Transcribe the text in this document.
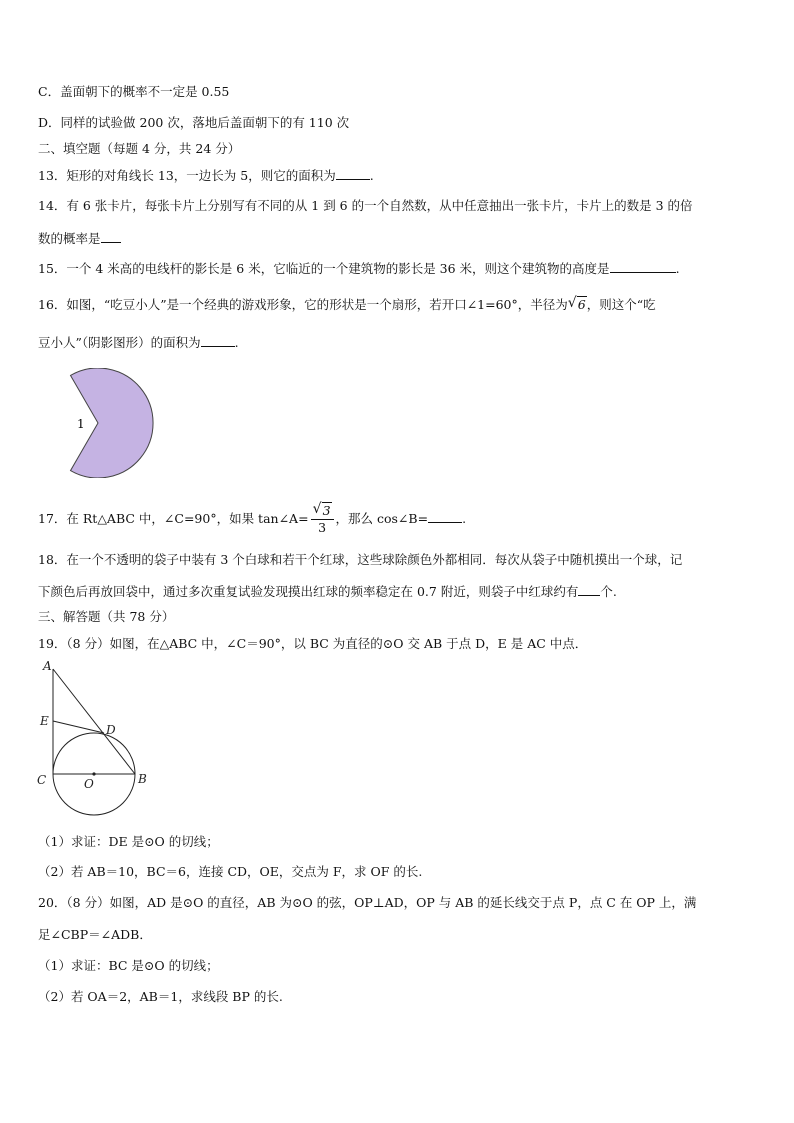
C．盖面朝下的概率不一定是 0.55
D．同样的试验做 200 次，落地后盖面朝下的有 110 次
二、填空题（每题 4 分，共 24 分）
13．矩形的对角线长 13，一边长为 5，则它的面积为	.
14．有 6 张卡片，每张卡片上分别写有不同的从 1 到 6 的一个自然数，从中任意抽出一张卡片，卡片上的数是 3 的倍
数的概率是
15．一个 4 米高的电线杆的影长是 6 米，它临近的一个建筑物的影长是 36 米，则这个建筑物的高度是	.
16．如图，“吃豆小人”是一个经典的游戏形象，它的形状是一个扇形，若开口∠1=60°，半径为 √ 6，则这个“吃
豆小人”（阴影图形）的面积为	.
1
17．在 Rt△ABC 中，∠C=90°，如果 tan∠A= $\frac{√ 3}{3}$ ，那么 cos∠B=	.
18．在一个不透明的袋子中装有 3 个白球和若干个红球，这些球除颜色外都相同．每次从袋子中随机摸出一个球，记
下颜色后再放回袋中，通过多次重复试验发现摸出红球的频率稳定在 0.7 附近，则袋子中红球约有 个.
三、解答题（共 78 分）
19．（8 分）如图，在△ABC 中，∠C＝90°，以 BC 为直径的⊙O 交 AB 于点 D，E 是 AC 中点．
A
E
D
C	O	B
（1）求证：DE 是⊙O 的切线；
（2）若 AB＝10，BC＝6，连接 CD，OE，交点为 F，求 OF 的长.
20．（8 分）如图，AD 是⊙O 的直径，AB 为⊙O 的弦，OP⊥AD，OP 与 AB 的延长线交于点 P，点 C 在 OP 上，满
足∠CBP＝∠ADB．
（1）求证：BC 是⊙O 的切线；
（2）若 OA＝2，AB＝1，求线段 BP 的长.
